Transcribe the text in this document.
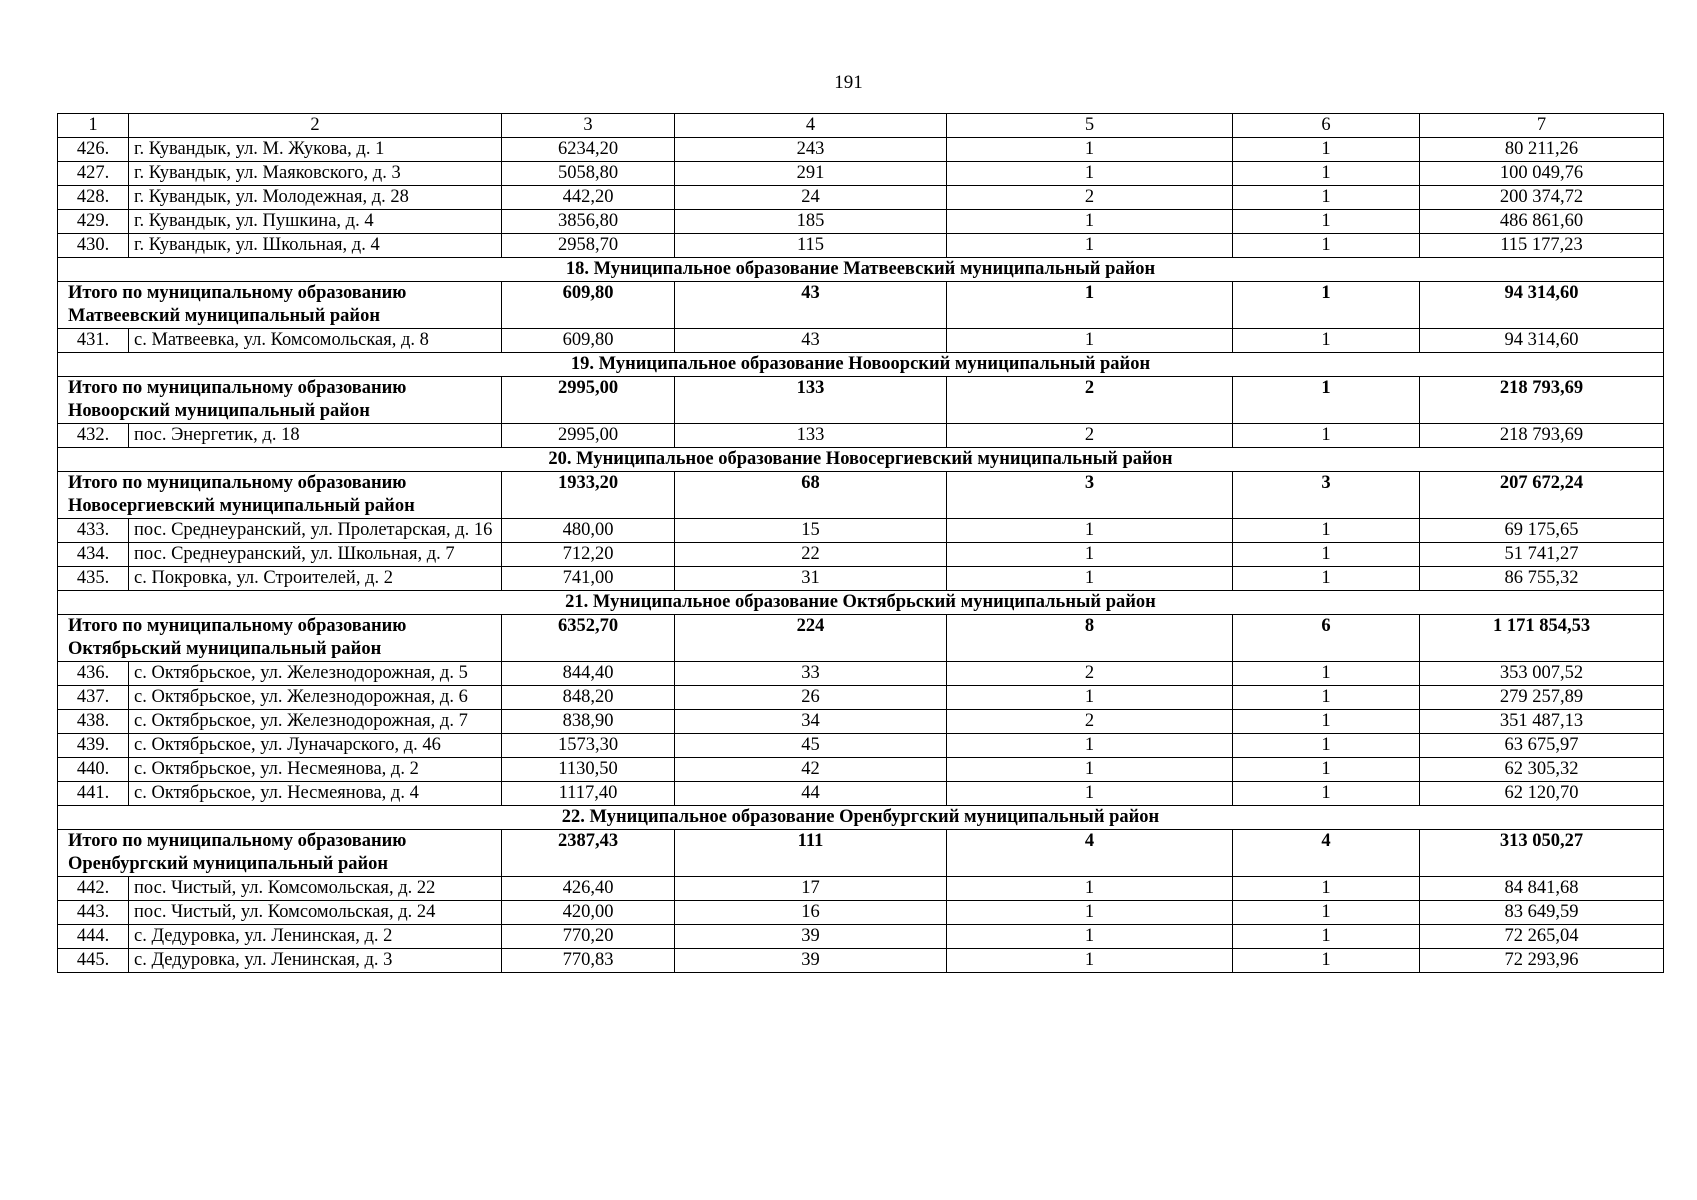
191
1	2	3	4	5	6	7
426.	г. Кувандык, ул. М. Жукова, д. 1	6234,20	243	1	1	80 211,26
427.	г. Кувандык, ул. Маяковского, д. 3	5058,80	291	1	1	100 049,76
428.	г. Кувандык, ул. Молодежная, д. 28	442,20	24	2	1	200 374,72
429.	г. Кувандык, ул. Пушкина, д. 4	3856,80	185	1	1	486 861,60
430.	г. Кувандык, ул. Школьная, д. 4	2958,70	115	1	1	115 177,23
18. Муниципальное образование Матвеевский муниципальный район						
Итого по муниципальному образованию Матвеевский муниципальный район		609,80	43	1	1	94 314,60
431.	с. Матвеевка, ул. Комсомольская, д. 8	609,80	43	1	1	94 314,60
19. Муниципальное образование Новоорский муниципальный район						
Итого по муниципальному образованию Новоорский муниципальный район		2995,00	133	2	1	218 793,69
432.	пос. Энергетик, д. 18	2995,00	133	2	1	218 793,69
20. Муниципальное образование Новосергиевский муниципальный район						
Итого по муниципальному образованию Новосергиевский муниципальный район		1933,20	68	3	3	207 672,24
433.	пос. Среднеуранский, ул. Пролетарская, д. 16	480,00	15	1	1	69 175,65
434.	пос. Среднеуранский, ул. Школьная, д. 7	712,20	22	1	1	51 741,27
435.	с. Покровка, ул. Строителей, д. 2	741,00	31	1	1	86 755,32
21. Муниципальное образование Октябрьский муниципальный район						
Итого по муниципальному образованию Октябрьский муниципальный район		6352,70	224	8	6	1 171 854,53
436.	с. Октябрьское, ул. Железнодорожная, д. 5	844,40	33	2	1	353 007,52
437.	с. Октябрьское, ул. Железнодорожная, д. 6	848,20	26	1	1	279 257,89
438.	с. Октябрьское, ул. Железнодорожная, д. 7	838,90	34	2	1	351 487,13
439.	с. Октябрьское, ул. Луначарского, д. 46	1573,30	45	1	1	63 675,97
440.	с. Октябрьское, ул. Несмеянова, д. 2	1130,50	42	1	1	62 305,32
441.	с. Октябрьское, ул. Несмеянова, д. 4	1117,40	44	1	1	62 120,70
22. Муниципальное образование Оренбургский муниципальный район						
Итого по муниципальному образованию Оренбургский муниципальный район		2387,43	111	4	4	313 050,27
442.	пос. Чистый, ул. Комсомольская, д. 22	426,40	17	1	1	84 841,68
443.	пос. Чистый, ул. Комсомольская, д. 24	420,00	16	1	1	83 649,59
444.	с. Дедуровка, ул. Ленинская, д. 2	770,20	39	1	1	72 265,04
445.	с. Дедуровка, ул. Ленинская, д. 3	770,83	39	1	1	72 293,96
